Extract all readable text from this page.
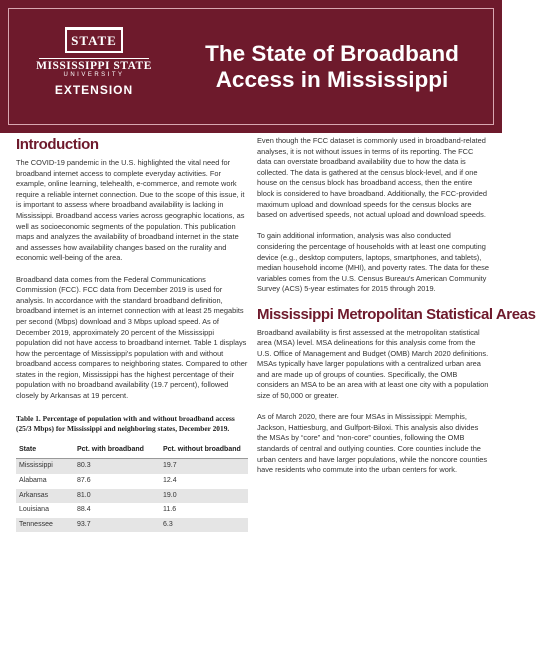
STATE
MISSISSIPPI STATE
UNIVERSITY
EXTENSION
The State of Broadband
Access in Mississippi
Introduction

The COVID-19 pandemic in the U.S. highlighted the vital need for broadband internet access to complete everyday activities. For example, online learning, telehealth, e-commerce, and remote work require a reliable internet connection. Due to the scope of this issue, it is important to assess where broadband availability is lacking in Mississippi. Broadband access varies across geographic locations, as well as socioeconomic segments of the population. This publication maps and analyzes the availability of broadband internet in the state and assesses how availability changes based on the rurality and economic well-being of the area.

Broadband data comes from the Federal Communications Commission (FCC). FCC data from December 2019 is used for analysis. In accordance with the standard broadband definition, broadband internet is an internet connection with at least 25 megabits per second (Mbps) download and 3 Mbps upload speed. As of December 2019, approximately 20 percent of the Mississippi population did not have access to broadband internet. Table 1 displays how the percentage of Mississippi's population with and without broadband access compares to neighboring states. Compared to other states in the region, Mississippi has the highest percentage of their population with no broadband availability (19.7 percent), followed closely by Arkansas at 19 percent.

Table 1. Percentage of population with and without broadband access (25/3 Mbps) for Mississippi and neighboring states, December 2019.
State	Pct. with broadband	Pct. without broadband
Mississippi	80.3	19.7
Alabama	87.6	12.4
Arkansas	81.0	19.0
Louisiana	88.4	11.6
Tennessee	93.7	6.3

Even though the FCC dataset is commonly used in broadband-related analyses, it is not without issues in terms of its reporting. The FCC data can overstate broadband availability due to how the data is collected. The data is gathered at the census block-level, and if one house on the census block has broadband access, then the entire block is considered to have broadband. Additionally, the FCC-provided maximum upload and download speeds for the census blocks are based on advertised speeds, not actual upload and download speeds.

To gain additional information, analysis was also conducted considering the percentage of households with at least one computing device (e.g., desktop computers, laptops, smartphones, and tablets), median household income (MHI), and poverty rates. The data for these variables comes from the U.S. Census Bureau's American Community Survey (ACS) 5-year estimates for 2015 through 2019.

Mississippi Metropolitan Statistical Areas

Broadband availability is first assessed at the metropolitan statistical area (MSA) level. MSA delineations for this analysis come from the U.S. Office of Management and Budget (OMB) March 2020 definitions. MSAs typically have larger populations with a centralized urban area and are made up of groups of counties. Specifically, the OMB considers an MSA to be an area with at least one city with a population size of 50,000 or greater.

As of March 2020, there are four MSAs in Mississippi: Memphis, Jackson, Hattiesburg, and Gulfport-Biloxi. This analysis also divides the MSAs by “core” and “non-core” counties, following the OMB standards of central and outlying counties. Core counties include the urban centers and have larger populations, while the noncore counties have residents who commute into the urban centers for work.
